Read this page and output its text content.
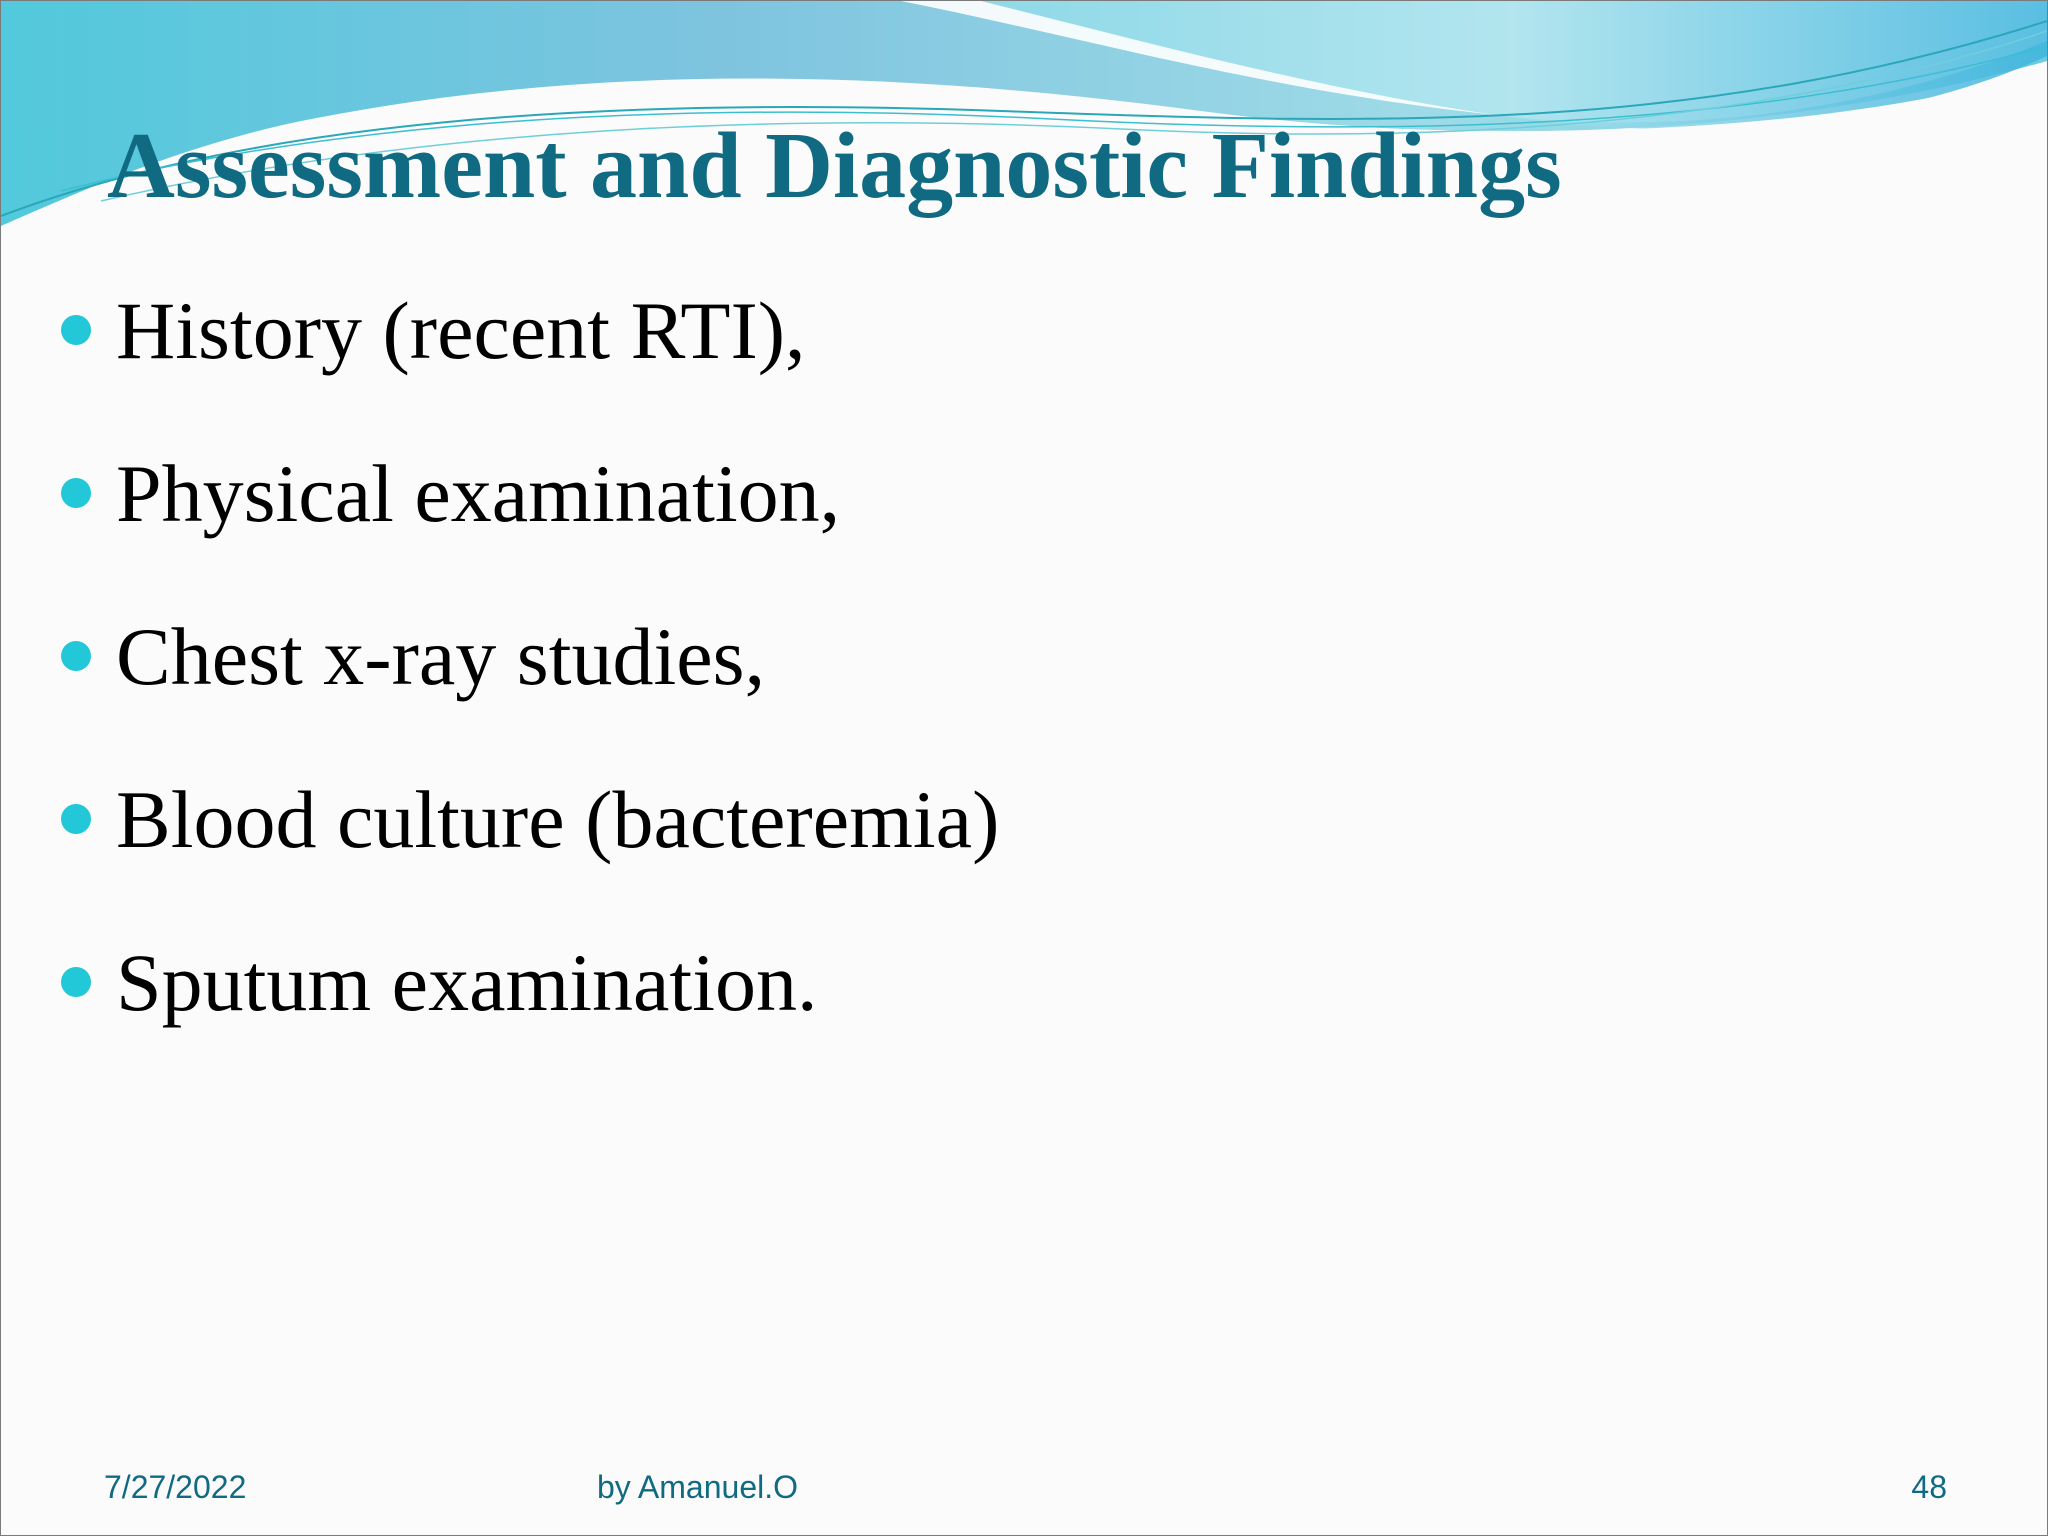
Assessment and Diagnostic Findings
History (recent RTI),
Physical examination,
Chest x-ray studies,
Blood culture (bacteremia)
Sputum examination.
7/27/2022	by Amanuel.O	48
